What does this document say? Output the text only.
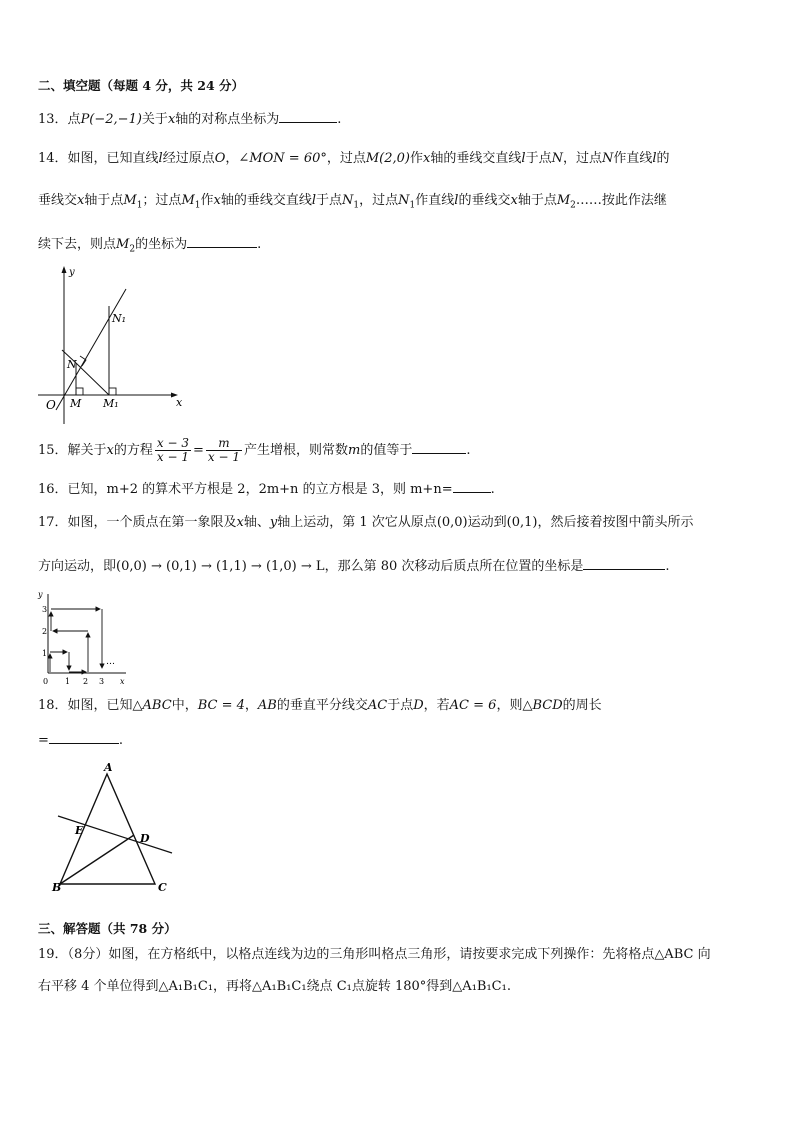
二、填空题（每题 4 分，共 24 分）
13．点P(−2,−1)关于x轴的对称点坐标为	.
14．如图，已知直线l经过原点O，∠MON = 60°，过点M(2,0)作x轴的垂线交直线l于点N，过点N作直线l的
垂线交x轴于点$M_1$；过点$M_1$作x轴的垂线交直线l于点$N_1$，过点$N_1$作直线l的垂线交x轴于点$M_2\dots\dots$按此作法继
续下去，则点$M_2$的坐标为	.
y
x
O M M₁
N
N₁
15．解关于x的方程 $\frac{x - 3}{x - 1} = \frac{m}{x - 1}$ 产生增根，则常数m的值等于	.
16．已知，m+2 的算术平方根是 2，2m+n 的立方根是 3，则 m+n=	.
17．如图，一个质点在第一象限及x轴、y轴上运动，第 1 次它从原点(0,0)运动到(0,1)，然后接着按图中箭头所示
方向运动，即(0,0) → (0,1) → (1,1) → (1,0) → L，那么第 80 次移动后质点所在位置的坐标是	.
y
x
0 1 2 3
1
2
3
…
18．如图，已知△ABC中，BC = 4，AB的垂直平分线交AC于点D，若AC = 6，则△BCD的周长
=	.
A
B	C
D
E
三、解答题（共 78 分）
19．（8分）如图，在方格纸中，以格点连线为边的三角形叫格点三角形，请按要求完成下列操作：先将格点△ABC 向
右平移 4 个单位得到△A₁B₁C₁，再将△A₁B₁C₁绕点 C₁点旋转 180°得到△A₁B₁C₁.
